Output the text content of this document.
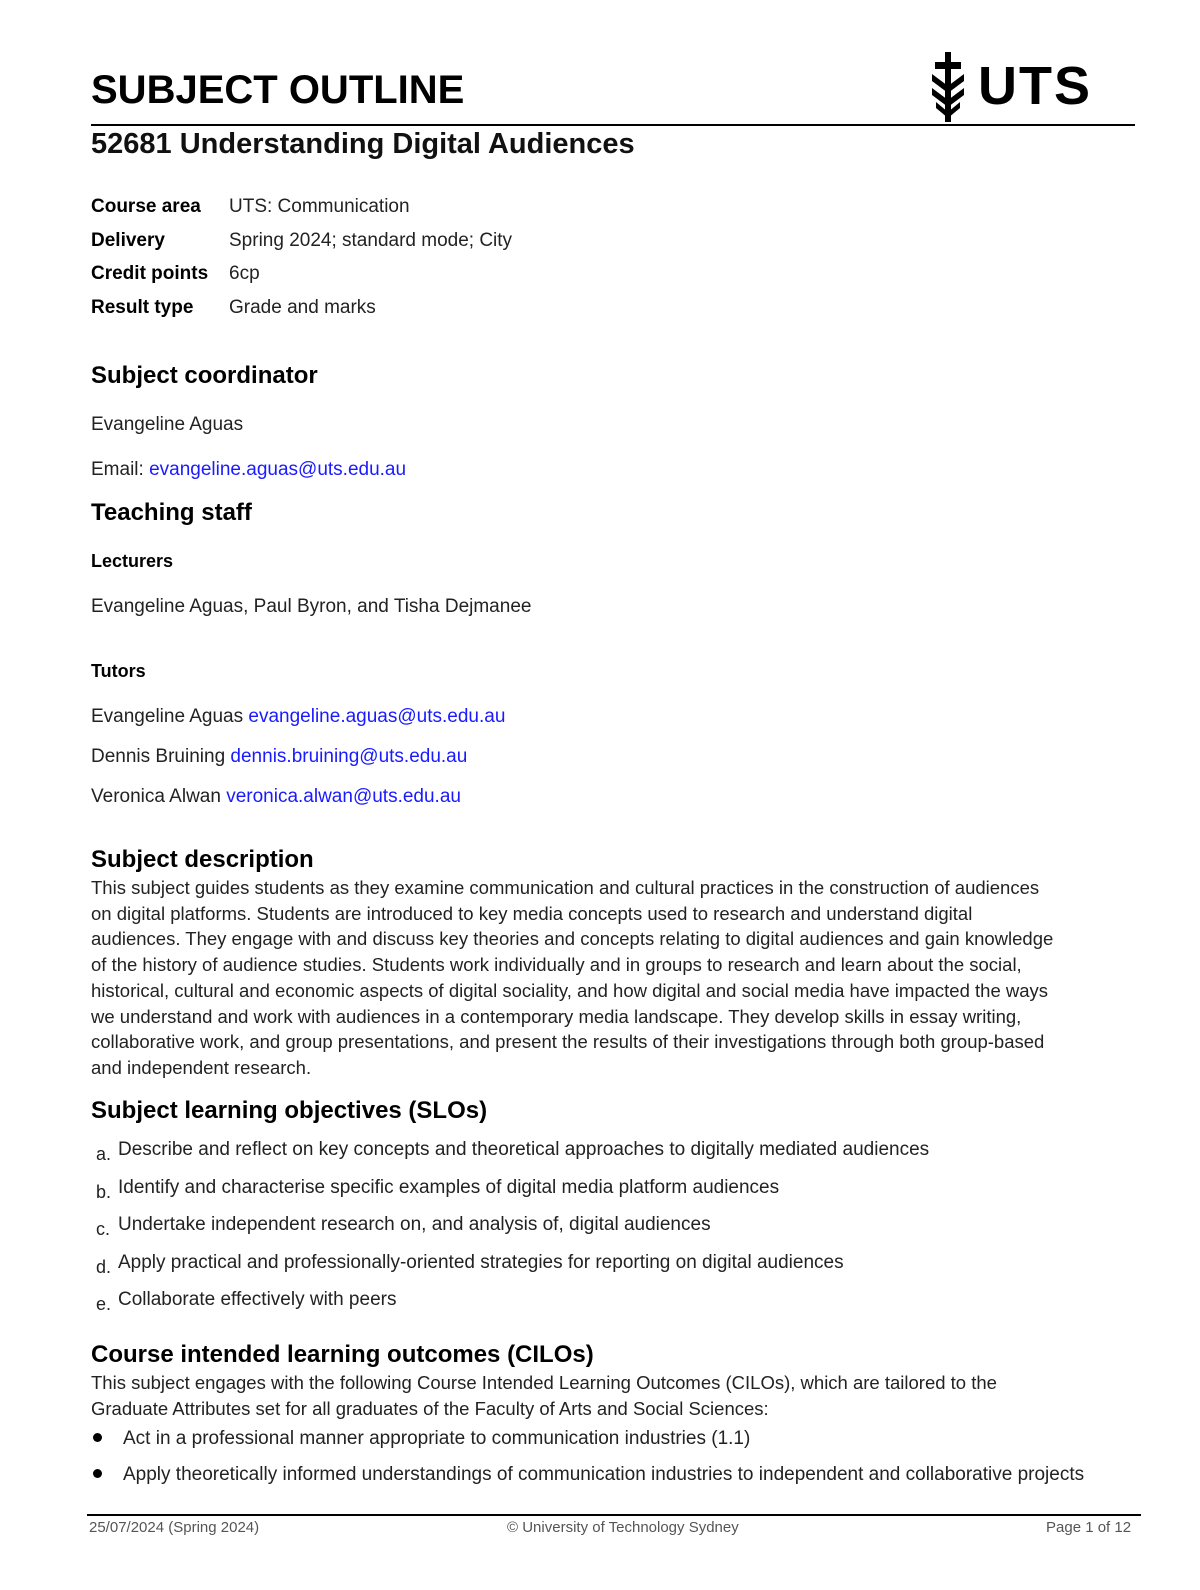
SUBJECT OUTLINE	UTS
52681 Understanding Digital Audiences
Course area	UTS: Communication
Delivery	Spring 2024; standard mode; City
Credit points	6cp
Result type	Grade and marks
Subject coordinator
Evangeline Aguas
Email: evangeline.aguas@uts.edu.au
Teaching staff
Lecturers
Evangeline Aguas, Paul Byron, and Tisha Dejmanee
Tutors
Evangeline Aguas evangeline.aguas@uts.edu.au
Dennis Bruining dennis.bruining@uts.edu.au
Veronica Alwan veronica.alwan@uts.edu.au
Subject description
This subject guides students as they examine communication and cultural practices in the construction of audiences
on digital platforms. Students are introduced to key media concepts used to research and understand digital
audiences. They engage with and discuss key theories and concepts relating to digital audiences and gain knowledge
of the history of audience studies. Students work individually and in groups to research and learn about the social,
historical, cultural and economic aspects of digital sociality, and how digital and social media have impacted the ways
we understand and work with audiences in a contemporary media landscape. They develop skills in essay writing,
collaborative work, and group presentations, and present the results of their investigations through both group-based
and independent research.
Subject learning objectives (SLOs)
a. Describe and reflect on key concepts and theoretical approaches to digitally mediated audiences
b. Identify and characterise specific examples of digital media platform audiences
c. Undertake independent research on, and analysis of, digital audiences
d. Apply practical and professionally-oriented strategies for reporting on digital audiences
e. Collaborate effectively with peers
Course intended learning outcomes (CILOs)
This subject engages with the following Course Intended Learning Outcomes (CILOs), which are tailored to the
Graduate Attributes set for all graduates of the Faculty of Arts and Social Sciences:
Act in a professional manner appropriate to communication industries (1.1)
Apply theoretically informed understandings of communication industries to independent and collaborative projects
25/07/2024 (Spring 2024)	© University of Technology Sydney	Page 1 of 12
